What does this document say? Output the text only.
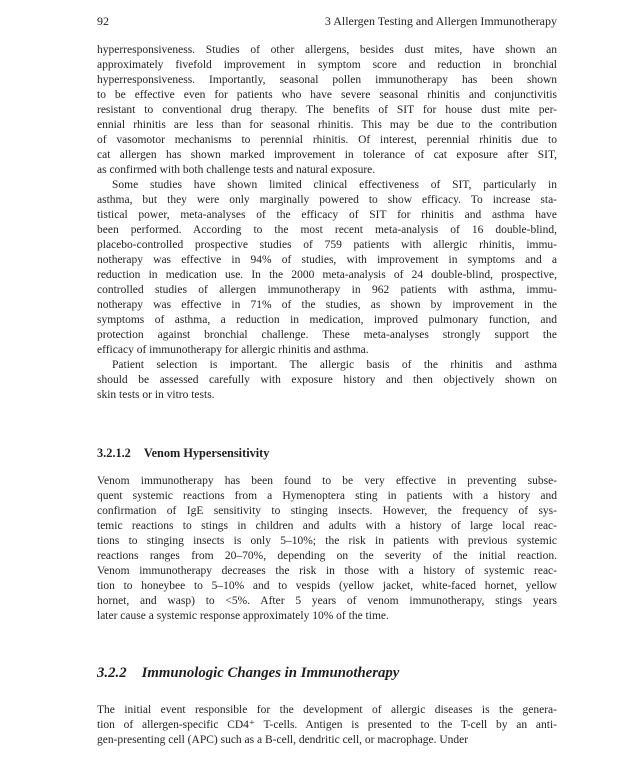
92	3 Allergen Testing and Allergen Immunotherapy
hyperresponsiveness. Studies of other allergens, besides dust mites, have shown an
approximately fivefold improvement in symptom score and reduction in bronchial
hyperresponsiveness. Importantly, seasonal pollen immunotherapy has been shown
to be effective even for patients who have severe seasonal rhinitis and conjunctivitis
resistant to conventional drug therapy. The benefits of SIT for house dust mite per-
ennial rhinitis are less than for seasonal rhinitis. This may be due to the contribution
of vasomotor mechanisms to perennial rhinitis. Of interest, perennial rhinitis due to
cat allergen has shown marked improvement in tolerance of cat exposure after SIT,
as confirmed with both challenge tests and natural exposure.
Some studies have shown limited clinical effectiveness of SIT, particularly in
asthma, but they were only marginally powered to show efficacy. To increase sta-
tistical power, meta-analyses of the efficacy of SIT for rhinitis and asthma have
been performed. According to the most recent meta-analysis of 16 double-blind,
placebo-controlled prospective studies of 759 patients with allergic rhinitis, immu-
notherapy was effective in 94% of studies, with improvement in symptoms and a
reduction in medication use. In the 2000 meta-analysis of 24 double-blind, prospective,
controlled studies of allergen immunotherapy in 962 patients with asthma, immu-
notherapy was effective in 71% of the studies, as shown by improvement in the
symptoms of asthma, a reduction in medication, improved pulmonary function, and
protection against bronchial challenge. These meta-analyses strongly support the
efficacy of immunotherapy for allergic rhinitis and asthma.
Patient selection is important. The allergic basis of the rhinitis and asthma
should be assessed carefully with exposure history and then objectively shown on
skin tests or in vitro tests.
3.2.1.2 Venom Hypersensitivity
Venom immunotherapy has been found to be very effective in preventing subse-
quent systemic reactions from a Hymenoptera sting in patients with a history and
confirmation of IgE sensitivity to stinging insects. However, the frequency of sys-
temic reactions to stings in children and adults with a history of large local reac-
tions to stinging insects is only 5–10%; the risk in patients with previous systemic
reactions ranges from 20–70%, depending on the severity of the initial reaction.
Venom immunotherapy decreases the risk in those with a history of systemic reac-
tion to honeybee to 5–10% and to vespids (yellow jacket, white-faced hornet, yellow
hornet, and wasp) to <5%. After 5 years of venom immunotherapy, stings years
later cause a systemic response approximately 10% of the time.
3.2.2 Immunologic Changes in Immunotherapy
The initial event responsible for the development of allergic diseases is the genera-
tion of allergen-specific CD4⁺ T-cells. Antigen is presented to the T-cell by an anti-
gen-presenting cell (APC) such as a B-cell, dendritic cell, or macrophage. Under
